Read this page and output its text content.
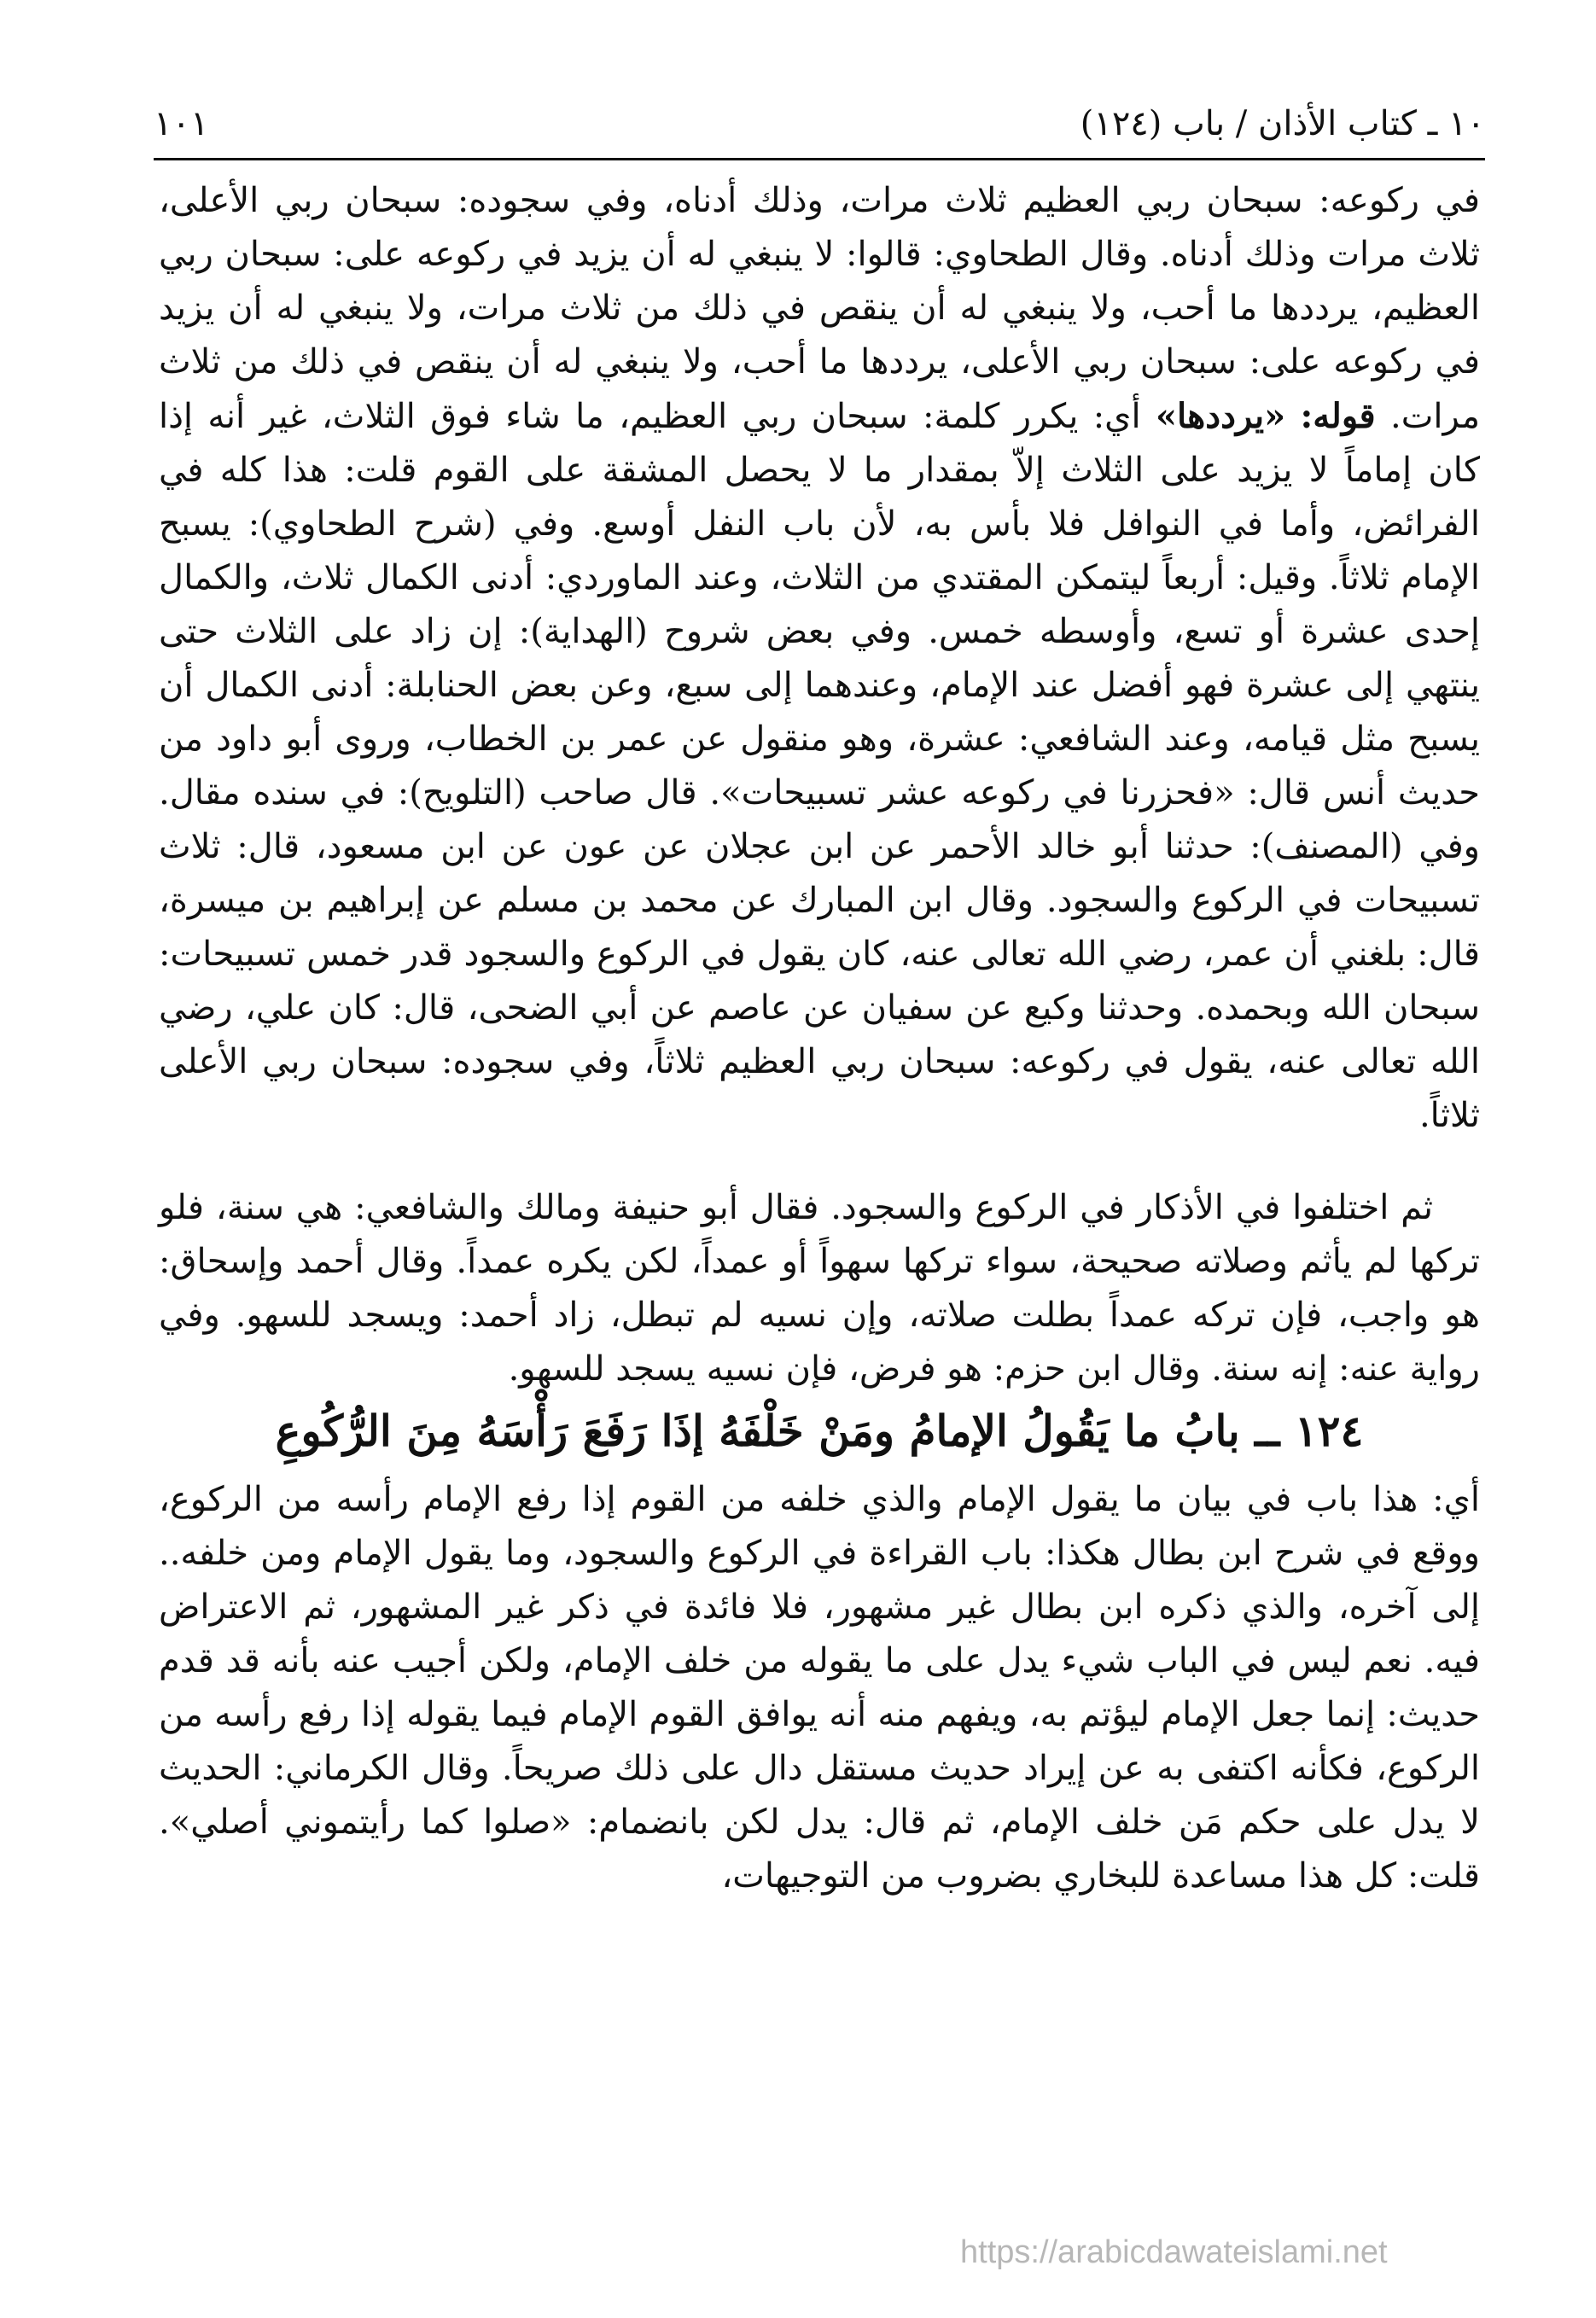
١٠ ـ كتاب الأذان / باب (١٢٤)
١٠١

في ركوعه: سبحان ربي العظيم ثلاث مرات، وذلك أدناه، وفي سجوده: سبحان ربي الأعلى، ثلاث مرات وذلك أدناه. وقال الطحاوي: قالوا: لا ينبغي له أن يزيد في ركوعه على: سبحان ربي العظيم، يرددها ما أحب، ولا ينبغي له أن ينقص في ذلك من ثلاث مرات، ولا ينبغي له أن يزيد في ركوعه على: سبحان ربي الأعلى، يرددها ما أحب، ولا ينبغي له أن ينقص في ذلك من ثلاث مرات. قوله: «يرددها» أي: يكرر كلمة: سبحان ربي العظيم، ما شاء فوق الثلاث، غير أنه إذا كان إماماً لا يزيد على الثلاث إلاّ بمقدار ما لا يحصل المشقة على القوم قلت: هذا كله في الفرائض، وأما في النوافل فلا بأس به، لأن باب النفل أوسع. وفي (شرح الطحاوي): يسبح الإمام ثلاثاً. وقيل: أربعاً ليتمكن المقتدي من الثلاث، وعند الماوردي: أدنى الكمال ثلاث، والكمال إحدى عشرة أو تسع، وأوسطه خمس. وفي بعض شروح (الهداية): إن زاد على الثلاث حتى ينتهي إلى عشرة فهو أفضل عند الإمام، وعندهما إلى سبع، وعن بعض الحنابلة: أدنى الكمال أن يسبح مثل قيامه، وعند الشافعي: عشرة، وهو منقول عن عمر بن الخطاب، وروى أبو داود من حديث أنس قال: «فحزرنا في ركوعه عشر تسبيحات». قال صاحب (التلويح): في سنده مقال. وفي (المصنف): حدثنا أبو خالد الأحمر عن ابن عجلان عن عون عن ابن مسعود، قال: ثلاث تسبيحات في الركوع والسجود. وقال ابن المبارك عن محمد بن مسلم عن إبراهيم بن ميسرة، قال: بلغني أن عمر، رضي الله تعالى عنه، كان يقول في الركوع والسجود قدر خمس تسبيحات: سبحان الله وبحمده. وحدثنا وكيع عن سفيان عن عاصم عن أبي الضحى، قال: كان علي، رضي الله تعالى عنه، يقول في ركوعه: سبحان ربي العظيم ثلاثاً، وفي سجوده: سبحان ربي الأعلى ثلاثاً.

ثم اختلفوا في الأذكار في الركوع والسجود. فقال أبو حنيفة ومالك والشافعي: هي سنة، فلو تركها لم يأثم وصلاته صحيحة، سواء تركها سهواً أو عمداً، لكن يكره عمداً. وقال أحمد وإسحاق: هو واجب، فإن تركه عمداً بطلت صلاته، وإن نسيه لم تبطل، زاد أحمد: ويسجد للسهو. وفي رواية عنه: إنه سنة. وقال ابن حزم: هو فرض، فإن نسيه يسجد للسهو.

١٢٤ ــ بابُ ما يَقُولُ الإمامُ ومَنْ خَلْفَهُ إذَا رَفَعَ رَأْسَهُ مِنَ الرُّكُوعِ

أي: هذا باب في بيان ما يقول الإمام والذي خلفه من القوم إذا رفع الإمام رأسه من الركوع، ووقع في شرح ابن بطال هكذا: باب القراءة في الركوع والسجود، وما يقول الإمام ومن خلفه.. إلى آخره، والذي ذكره ابن بطال غير مشهور، فلا فائدة في ذكر غير المشهور، ثم الاعتراض فيه. نعم ليس في الباب شيء يدل على ما يقوله من خلف الإمام، ولكن أجيب عنه بأنه قد قدم حديث: إنما جعل الإمام ليؤتم به، ويفهم منه أنه يوافق القوم الإمام فيما يقوله إذا رفع رأسه من الركوع، فكأنه اكتفى به عن إيراد حديث مستقل دال على ذلك صريحاً. وقال الكرماني: الحديث لا يدل على حكم مَن خلف الإمام، ثم قال: يدل لكن بانضمام: «صلوا كما رأيتموني أصلي». قلت: كل هذا مساعدة للبخاري بضروب من التوجيهات،

https://arabicdawateislami.net
